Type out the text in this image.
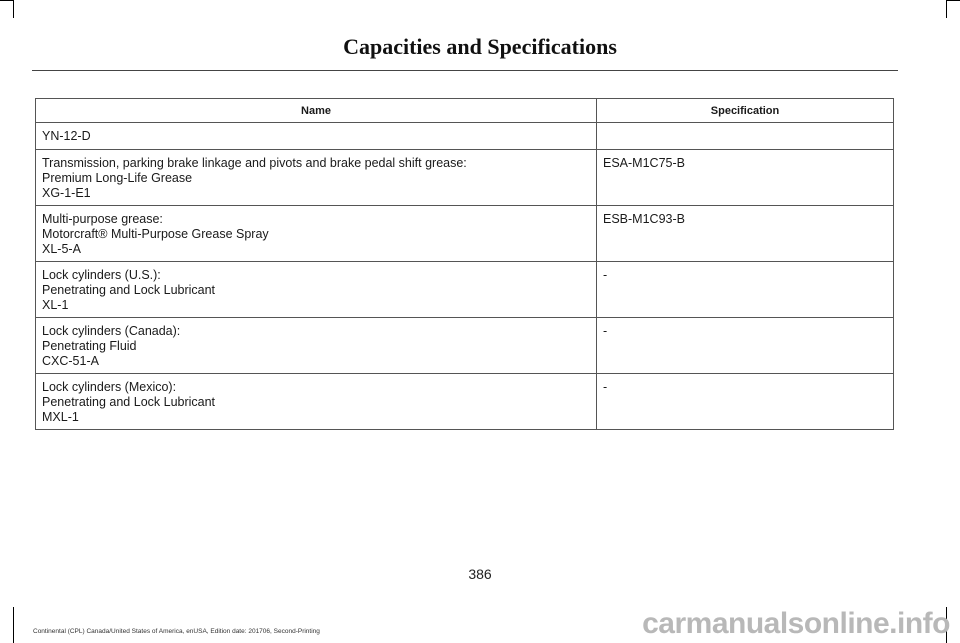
Capacities and Specifications
Name	Specification

YN-12-D	

Transmission, parking brake linkage and pivots and brake pedal shift grease:
Premium Long-Life Grease
XG-1-E1	ESA-M1C75-B

Multi-purpose grease:
Motorcraft® Multi-Purpose Grease Spray
XL-5-A	ESB-M1C93-B

Lock cylinders (U.S.):
Penetrating and Lock Lubricant
XL-1	-

Lock cylinders (Canada):
Penetrating Fluid
CXC-51-A	-

Lock cylinders (Mexico):
Penetrating and Lock Lubricant
MXL-1	-
386
Continental (CPL) Canada/United States of America, enUSA, Edition date: 201706, Second-Printing	carmanualsonline.info
